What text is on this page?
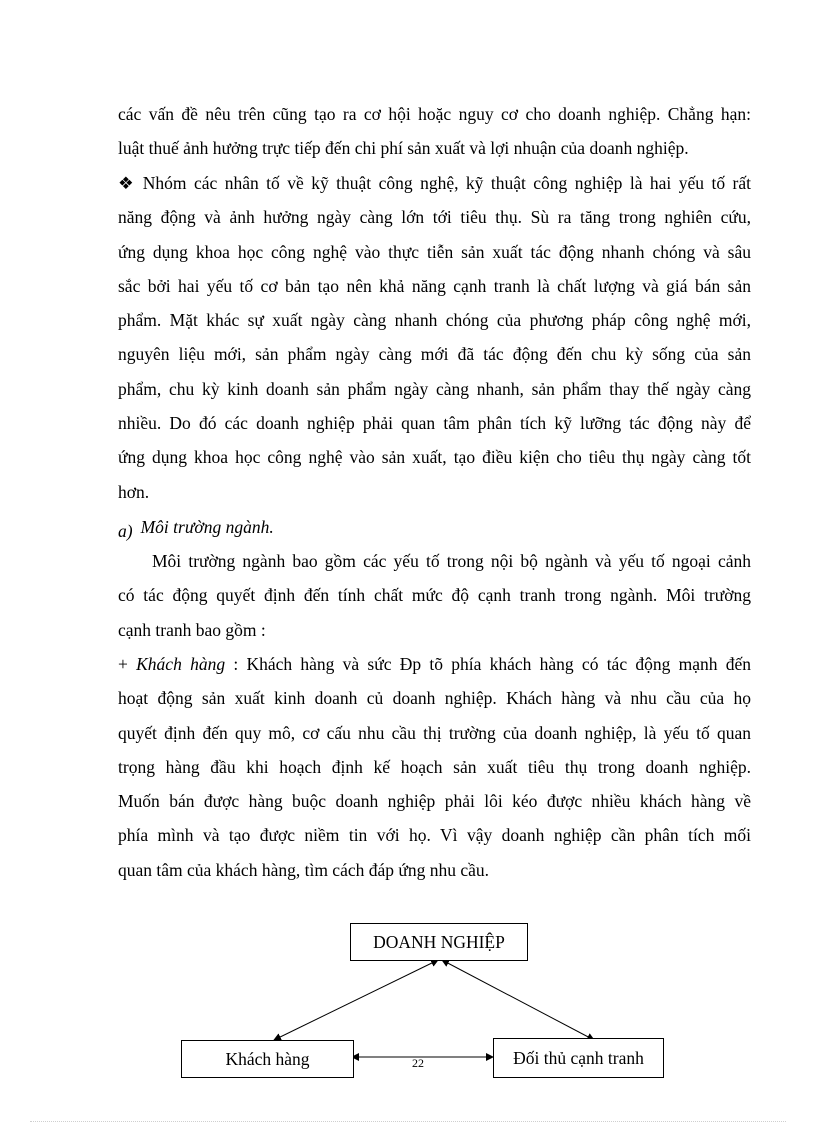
các vấn đề nêu trên cũng tạo ra cơ hội hoặc nguy cơ cho doanh nghiệp. Chẳng hạn:
luật thuế ảnh hưởng trực tiếp đến chi phí sản xuất và lợi nhuận của doanh nghiệp.
❖ Nhóm các nhân tố về kỹ thuật công nghệ, kỹ thuật công nghiệp là hai yếu tố rất
năng động và ảnh hưởng ngày càng lớn tới tiêu thụ. Sù ra tăng trong nghiên cứu,
ứng dụng khoa học công nghệ vào thực tiễn sản xuất tác động nhanh chóng và sâu
sắc bởi hai yếu tố cơ bản tạo nên khả năng cạnh tranh là chất lượng và giá bán sản
phẩm. Mặt khác sự xuất ngày càng nhanh chóng của phương pháp công nghệ mới,
nguyên liệu mới, sản phẩm ngày càng mới đã tác động đến chu kỳ sống của sản
phẩm, chu kỳ kinh doanh sản phẩm ngày càng nhanh, sản phẩm thay thế ngày càng
nhiều. Do đó các doanh nghiệp phải quan tâm phân tích kỹ lưỡng tác động này để
ứng dụng khoa học công nghệ vào sản xuất, tạo điều kiện cho tiêu thụ ngày càng tốt
hơn.
a) Môi trường ngành.
Môi trường ngành bao gồm các yếu tố trong nội bộ ngành và yếu tố ngoại cảnh
có tác động quyết định đến tính chất mức độ cạnh tranh trong ngành. Môi trường
cạnh tranh bao gồm :
+ Khách hàng : Khách hàng và sức Ðp tõ phía khách hàng có tác động mạnh đến
hoạt động sản xuất kinh doanh củ doanh nghiệp. Khách hàng và nhu cầu của họ
quyết định đến quy mô, cơ cấu nhu cầu thị trường của doanh nghiệp, là yếu tố quan
trọng hàng đầu khi hoạch định kế hoạch sản xuất tiêu thụ trong doanh nghiệp.
Muốn bán được hàng buộc doanh nghiệp phải lôi kéo được nhiều khách hàng về
phía mình và tạo được niềm tin với họ. Vì vậy doanh nghiệp cần phân tích mối
quan tâm của khách hàng, tìm cách đáp ứng nhu cầu.
DOANH NGHIỆP
Khách hàng	Đối thủ cạnh tranh
22
